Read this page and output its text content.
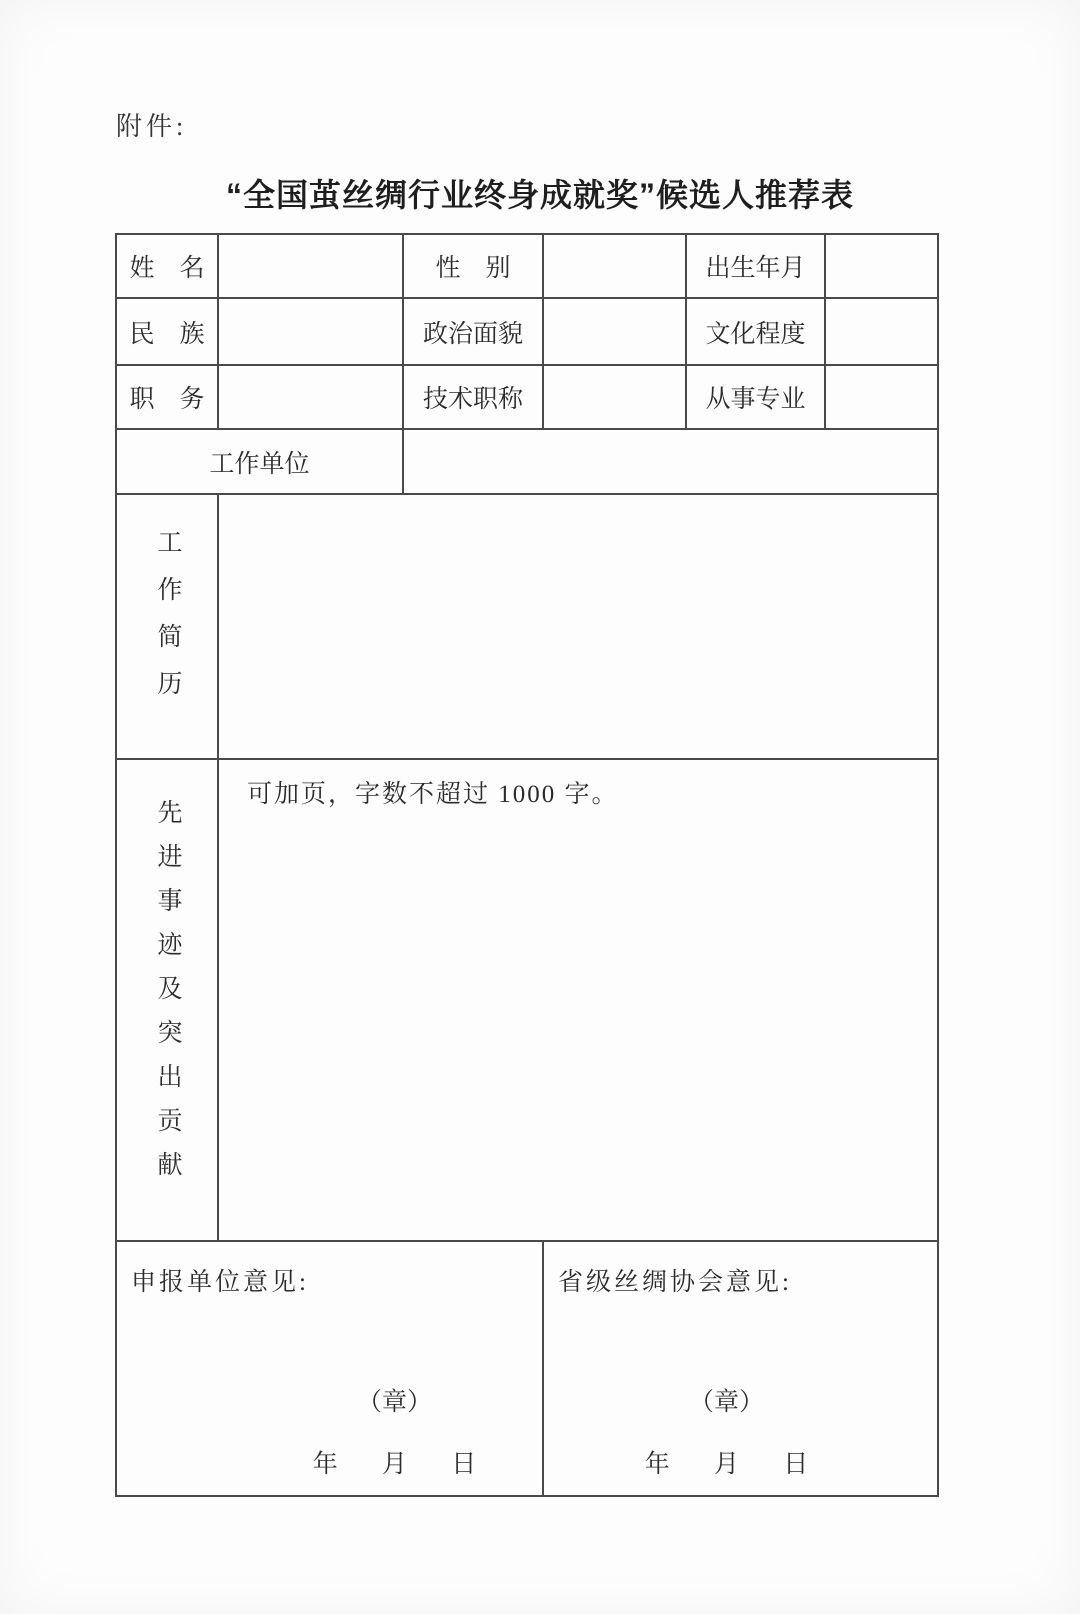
附件:
“全国茧丝绸行业终身成就奖”候选人推荐表
姓　名		性　别		出生年月	
民　族		政治面貌		文化程度	
职　务		技术职称		从事专业	
工作单位					
工作简历					
先进事迹及突出贡献	可加页，字数不超过 1000 字。				

申报单位意见:
（章）
年 月 日

省级丝绸协会意见:
（章）
年 月 日
